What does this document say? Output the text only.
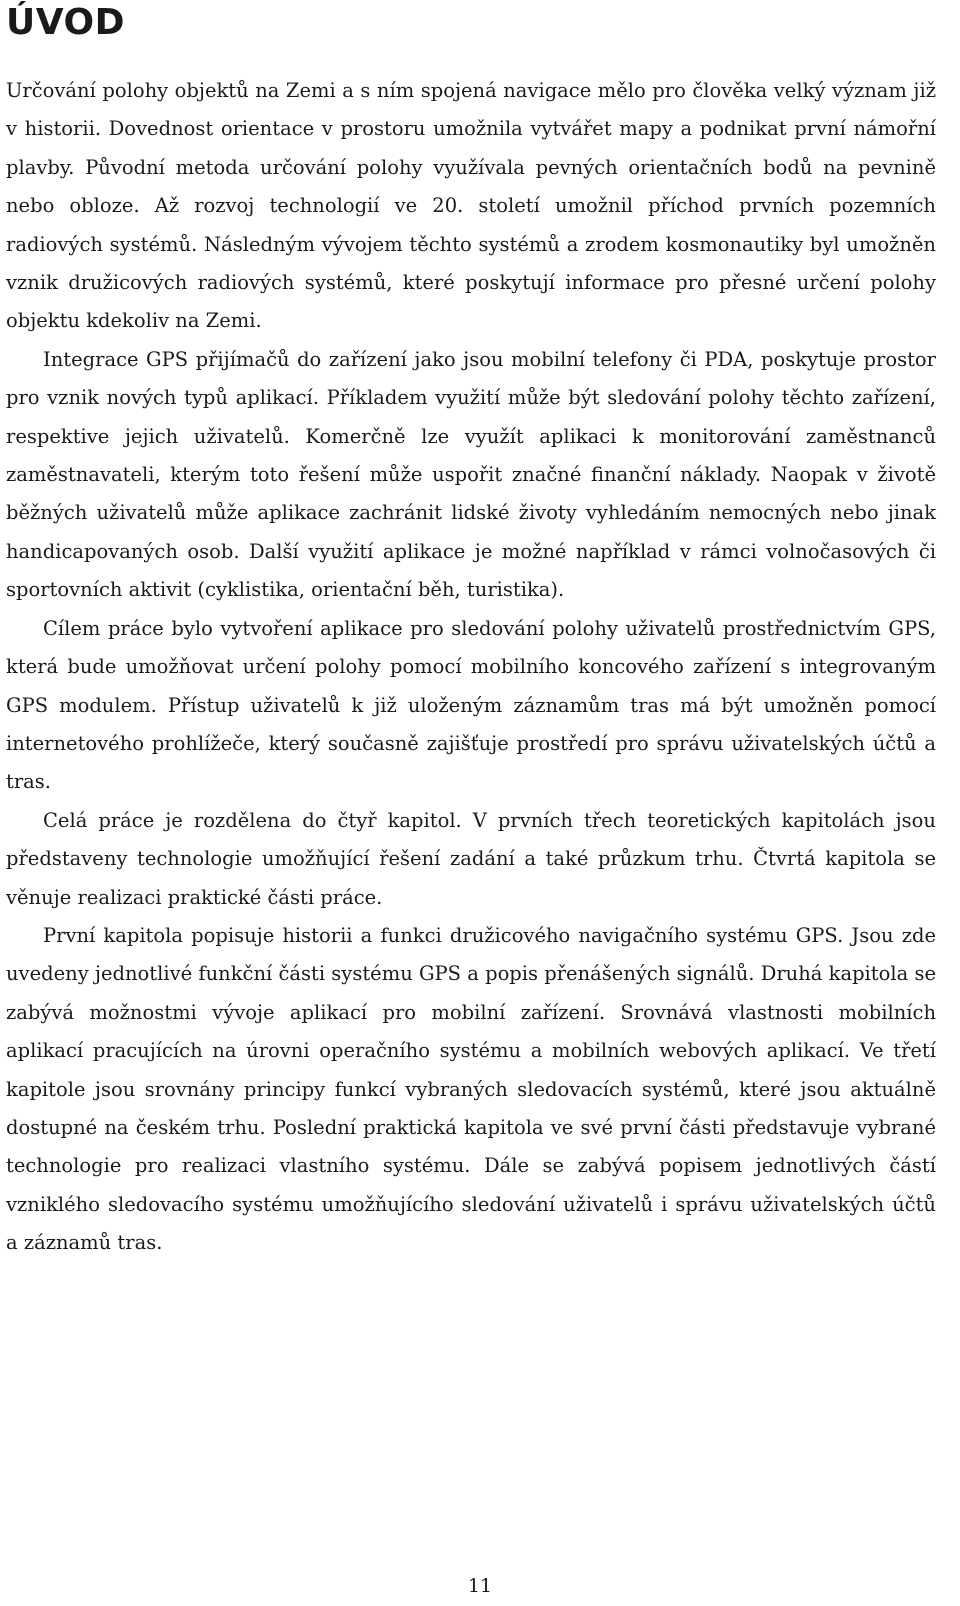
ÚVOD

Určování polohy objektů na Zemi a s ním spojená navigace mělo pro člověka velký význam již v historii. Dovednost orientace v prostoru umožnila vytvářet mapy a podnikat první námořní plavby. Původní metoda určování polohy využívala pevných orientačních bodů na pevnině nebo obloze. Až rozvoj technologií ve 20. století umožnil příchod prvních pozemních radiových systémů. Následným vývojem těchto systémů a zrodem kosmonautiky byl umožněn vznik družicových radiových systémů, které poskytují informace pro přesné určení polohy objektu kdekoliv na Zemi.

Integrace GPS přijímačů do zařízení jako jsou mobilní telefony či PDA, poskytuje prostor pro vznik nových typů aplikací. Příkladem využití může být sledování polohy těchto zařízení, respektive jejich uživatelů. Komerčně lze využít aplikaci k monitorování zaměstnanců zaměstnavateli, kterým toto řešení může uspořit značné finanční náklady. Naopak v životě běžných uživatelů může aplikace zachránit lidské životy vyhledáním nemocných nebo jinak handicapovaných osob. Další využití aplikace je možné například v rámci volnočasových či sportovních aktivit (cyklistika, orientační běh, turistika).

Cílem práce bylo vytvoření aplikace pro sledování polohy uživatelů prostřednictvím GPS, která bude umožňovat určení polohy pomocí mobilního koncového zařízení s integrovaným GPS modulem. Přístup uživatelů k již uloženým záznamům tras má být umožněn pomocí internetového prohlížeče, který současně zajišťuje prostředí pro správu uživatelských účtů a tras.

Celá práce je rozdělena do čtyř kapitol. V prvních třech teoretických kapitolách jsou představeny technologie umožňující řešení zadání a také průzkum trhu. Čtvrtá kapitola se věnuje realizaci praktické části práce.

První kapitola popisuje historii a funkci družicového navigačního systému GPS. Jsou zde uvedeny jednotlivé funkční části systému GPS a popis přenášených signálů. Druhá kapitola se zabývá možnostmi vývoje aplikací pro mobilní zařízení. Srovnává vlastnosti mobilních aplikací pracujících na úrovni operačního systému a mobilních webových aplikací. Ve třetí kapitole jsou srovnány principy funkcí vybraných sledovacích systémů, které jsou aktuálně dostupné na českém trhu. Poslední praktická kapitola ve své první části představuje vybrané technologie pro realizaci vlastního systému. Dále se zabývá popisem jednotlivých částí vzniklého sledovacího systému umožňujícího sledování uživatelů i správu uživatelských účtů a záznamů tras.

11
